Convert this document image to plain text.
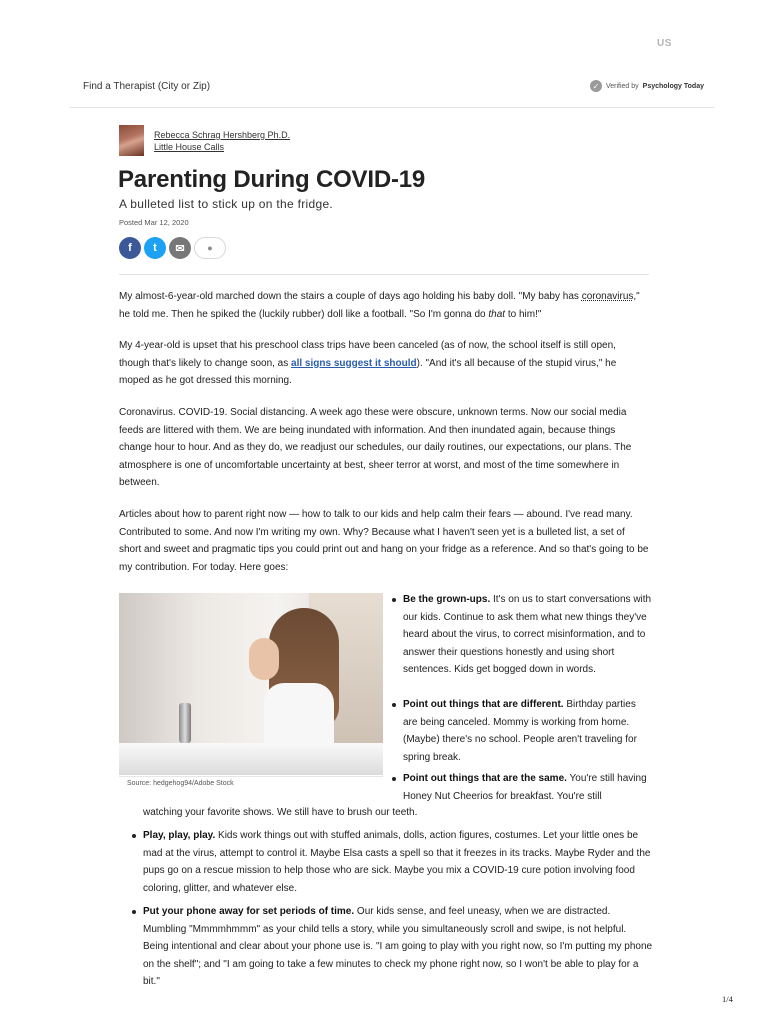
US
Find a Therapist (City or Zip)	✓ Verified by Psychology Today
Rebecca Schrag Hershberg Ph.D.
Little House Calls
Parenting During COVID-19
A bulleted list to stick up on the fridge.
Posted Mar 12, 2020
f	t	✉	●

My almost-6-year-old marched down the stairs a couple of days ago holding his baby doll. "My baby has coronavirus," he told me. Then he spiked the (luckily rubber) doll like a football. "So I'm gonna do that to him!"

My 4-year-old is upset that his preschool class trips have been canceled (as of now, the school itself is still open, though that's likely to change soon, as all signs suggest it should). "And it's all because of the stupid virus," he moped as he got dressed this morning.

Coronavirus. COVID-19. Social distancing. A week ago these were obscure, unknown terms. Now our social media feeds are littered with them. We are being inundated with information. And then inundated again, because things change hour to hour. And as they do, we readjust our schedules, our daily routines, our expectations, our plans. The atmosphere is one of uncomfortable uncertainty at best, sheer terror at worst, and most of the time somewhere in between.

Articles about how to parent right now — how to talk to our kids and help calm their fears — abound. I've read many. Contributed to some. And now I'm writing my own. Why? Because what I haven't seen yet is a bulleted list, a set of short and sweet and pragmatic tips you could print out and hang on your fridge as a reference. And so that's going to be my contribution. For today. Here goes:

Source: hedgehog94/Adobe Stock
Be the grown-ups. It's on us to start conversations with our kids. Continue to ask them what new things they've heard about the virus, to correct misinformation, and to answer their questions honestly and using short sentences. Kids get bogged down in words.
Point out things that are different. Birthday parties are being canceled. Mommy is working from home. (Maybe) there's no school. People aren't traveling for spring break.
Point out things that are the same. You're still having Honey Nut Cheerios for breakfast. You're still
watching your favorite shows. We still have to brush our teeth.
Play, play, play. Kids work things out with stuffed animals, dolls, action figures, costumes. Let your little ones be mad at the virus, attempt to control it. Maybe Elsa casts a spell so that it freezes in its tracks. Maybe Ryder and the pups go on a rescue mission to help those who are sick. Maybe you mix a COVID-19 cure potion involving food coloring, glitter, and whatever else.
Put your phone away for set periods of time. Our kids sense, and feel uneasy, when we are distracted. Mumbling "Mmmmhmmm" as your child tells a story, while you simultaneously scroll and swipe, is not helpful. Being intentional and clear about your phone use is. "I am going to play with you right now, so I'm putting my phone on the shelf"; and "I am going to take a few minutes to check my phone right now, so I won't be able to play for a bit."
1/4
